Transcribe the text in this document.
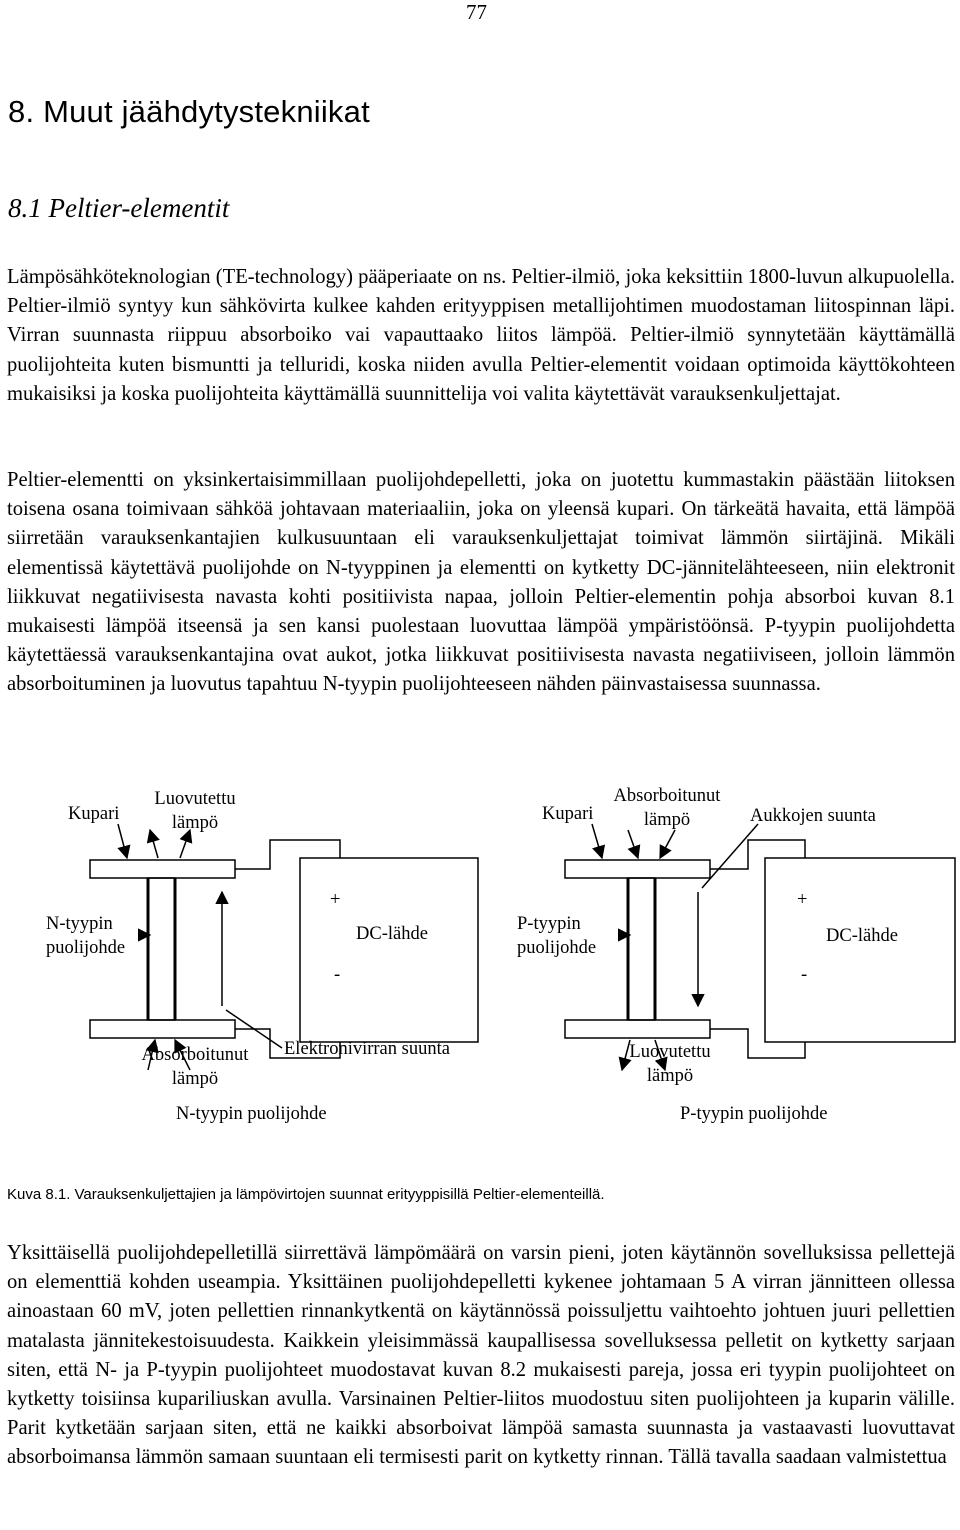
77
8. Muut jäähdytystekniikat
8.1 Peltier-elementit

Lämpösähköteknologian (TE-technology) pääperiaate on ns. Peltier-ilmiö, joka keksittiin 1800-luvun alkupuolella. Peltier-ilmiö syntyy kun sähkövirta kulkee kahden erityyppisen metallijohtimen muodostaman liitospinnan läpi. Virran suunnasta riippuu absorboiko vai vapauttaako liitos lämpöä. Peltier-ilmiö synnytetään käyttämällä puolijohteita kuten bismuntti ja telluridi, koska niiden avulla Peltier-elementit voidaan optimoida käyttökohteen mukaisiksi ja koska puolijohteita käyttämällä suunnittelija voi valita käytettävät varauksenkuljettajat.

Peltier-elementti on yksinkertaisimmillaan puolijohdepelletti, joka on juotettu kummastakin päästään liitoksen toisena osana toimivaan sähköä johtavaan materiaaliin, joka on yleensä kupari. On tärkeätä havaita, että lämpöä siirretään varauksenkantajien kulkusuuntaan eli varauksenkuljettajat toimivat lämmön siirtäjinä. Mikäli elementissä käytettävä puolijohde on N-tyyppinen ja elementti on kytketty DC-jännitelähteeseen, niin elektronit liikkuvat negatiivisesta navasta kohti positiivista napaa, jolloin Peltier-elementin pohja absorboi kuvan 8.1 mukaisesti lämpöä itseensä ja sen kansi puolestaan luovuttaa lämpöä ympäristöönsä. P-tyypin puolijohdetta käytettäessä varauksenkantajina ovat aukot, jotka liikkuvat positiivisesta navasta negatiiviseen, jolloin lämmön absorboituminen ja luovutus tapahtuu N-tyypin puolijohteeseen nähden päinvastaisessa suunnassa.

Kupari
Luovutettu
lämpö
N-tyypin
puolijohde
+
-
DC-lähde
Absorboitunut
lämpö
Elektronivirran suunta
N-tyypin puolijohde
Kupari
Absorboitunut
lämpö	Aukkojen suunta
P-tyypin
puolijohde
+
-
DC-lähde
Luovutettu
lämpö
P-tyypin puolijohde

Kuva 8.1. Varauksenkuljettajien ja lämpövirtojen suunnat erityyppisillä Peltier-elementeillä.

Yksittäisellä puolijohdepelletillä siirrettävä lämpömäärä on varsin pieni, joten käytännön sovelluksissa pellettejä on elementtiä kohden useampia. Yksittäinen puolijohdepelletti kykenee johtamaan 5 A virran jännitteen ollessa ainoastaan 60 mV, joten pellettien rinnankytkentä on käytännössä poissuljettu vaihtoehto johtuen juuri pellettien matalasta jännitekestoisuudesta. Kaikkein yleisimmässä kaupallisessa sovelluksessa pelletit on kytketty sarjaan siten, että N- ja P-tyypin puolijohteet muodostavat kuvan 8.2 mukaisesti pareja, jossa eri tyypin puolijohteet on kytketty toisiinsa kupariliuskan avulla. Varsinainen Peltier-liitos muodostuu siten puolijohteen ja kuparin välille. Parit kytketään sarjaan siten, että ne kaikki absorboivat lämpöä samasta suunnasta ja vastaavasti luovuttavat absorboimansa lämmön samaan suuntaan eli termisesti parit on kytketty rinnan. Tällä tavalla saadaan valmistettua
